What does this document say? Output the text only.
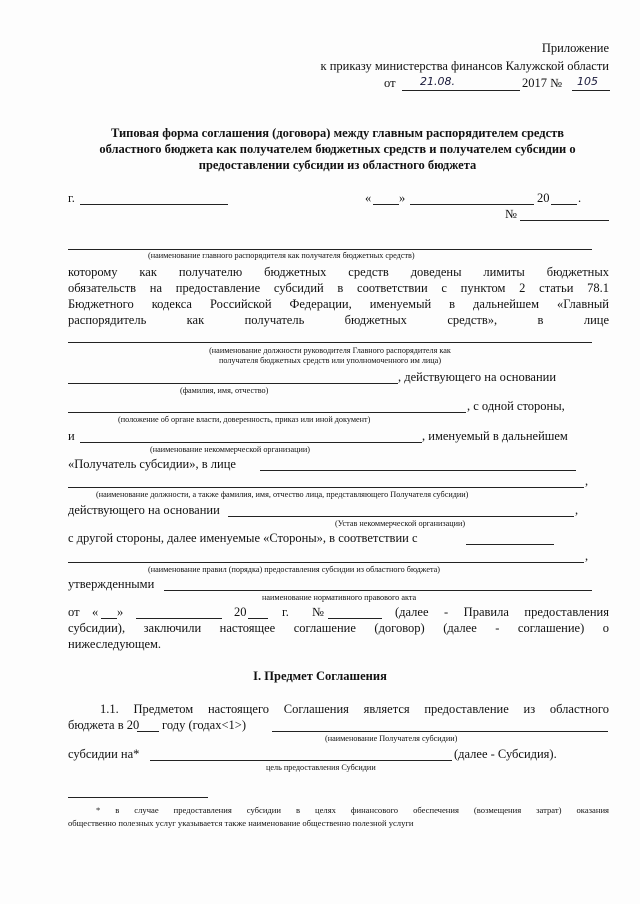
Приложение
к приказу министерства финансов Калужской области
от 21.08.	2017 № 105
Типовая форма соглашения (договора) между главным распорядителем средств
областного бюджета как получателем бюджетных средств и получателем субсидии о
предоставлении субсидии из областного бюджета
г.	« »	20 .
№
(наименование главного распорядителя как получателя бюджетных средств)
которому как получателю бюджетных средств доведены лимиты бюджетных
обязательств на предоставление субсидий в соответствии с пунктом 2 статьи 78.1
Бюджетного кодекса Российской Федерации, именуемый в дальнейшем «Главный
распорядитель как получатель бюджетных средств», в лице
(наименование должности руководителя Главного распорядителя как
получателя бюджетных средств или уполномоченного им лица)
, действующего на основании
(фамилия, имя, отчество)
, с одной стороны,
(положение об органе власти, доверенность, приказ или иной документ)
и	, именуемый в дальнейшем
(наименование некоммерческой организации)
«Получатель субсидии», в лице
,
(наименование должности, а также фамилия, имя, отчество лица, представляющего Получателя субсидии)
действующего на основании	,
(Устав некоммерческой организации)
с другой стороны, далее именуемые «Стороны», в соответствии с
,
(наименование правил (порядка) предоставления субсидии из областного бюджета)
утвержденными
наименование нормативного правового акта
от « »	20	г. №	(далее - Правила предоставления
субсидии), заключили настоящее соглашение (договор) (далее - соглашение) о
нижеследующем.
I. Предмет Соглашения
1.1. Предметом настоящего Соглашения является предоставление из областного
бюджета в 20 году (годах<1>)
(наименование Получателя субсидии)
субсидии на*	(далее - Субсидия).
цель предоставления Субсидии
* в случае предоставления субсидии в целях финансового обеспечения (возмещения затрат) оказания
общественно полезных услуг указывается также наименование общественно полезной услуги
